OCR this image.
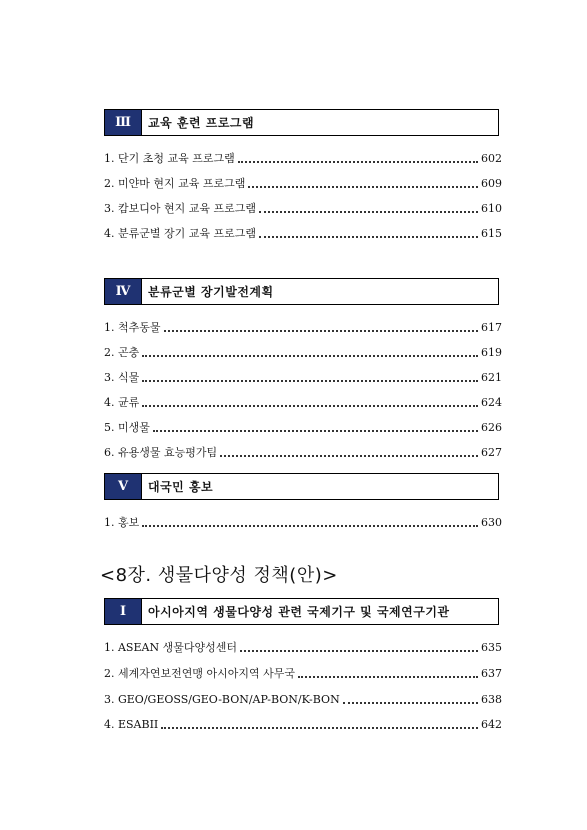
Ⅲ	교육 훈련 프로그램
1. 단기 초청 교육 프로그램	602
2. 미얀마 현지 교육 프로그램	609
3. 캄보디아 현지 교육 프로그램	610
4. 분류군별 장기 교육 프로그램	615
Ⅳ	분류군별 장기발전계획
1. 척추동물	617
2. 곤충	619
3. 식물	621
4. 균류	624
5. 미생물	626
6. 유용생물 효능평가팀	627
Ⅴ	대국민 홍보
1. 홍보	630
<8장. 생물다양성 정책(안)>
Ⅰ	아시아지역 생물다양성 관련 국제기구 및 국제연구기관
1. ASEAN 생물다양성센터	635
2. 세계자연보전연맹 아시아지역 사무국	637
3. GEO/GEOSS/GEO-BON/AP-BON/K-BON	638
4. ESABII	642
